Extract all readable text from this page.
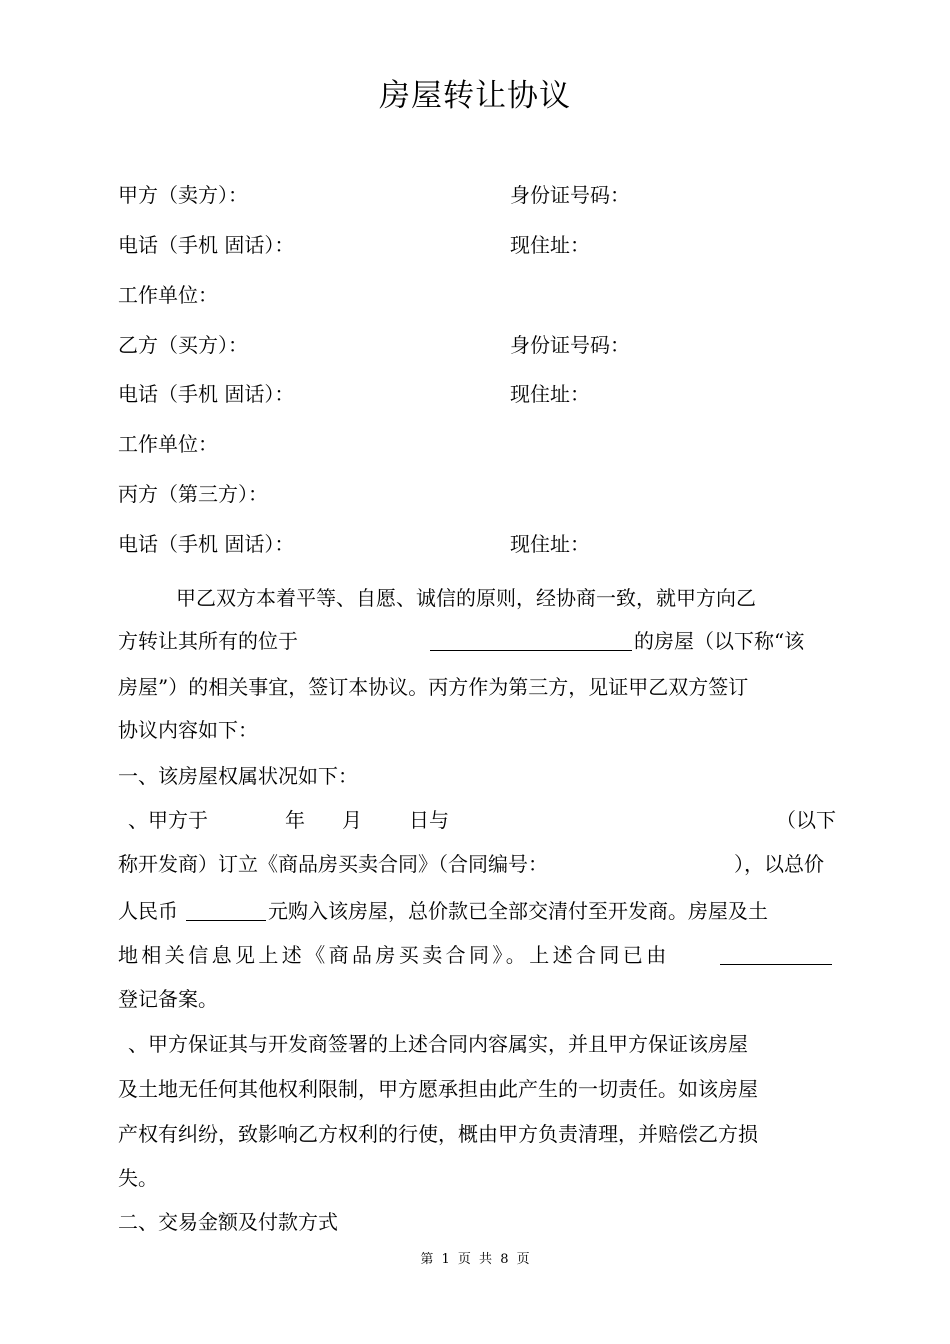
房屋转让协议
甲方（卖方）：	身份证号码：
电话（手机 固话）：	现住址：
工作单位：
乙方（买方）：	身份证号码：
电话（手机 固话）：	现住址：
工作单位：
丙方（第三方）：
电话（手机 固话）：	现住址：
甲乙双方本着平等、自愿、诚信的原则，经协商一致，就甲方向乙
方转让其所有的位于	的房屋（以下称“该
房屋”）的相关事宜，签订本协议。丙方作为第三方，见证甲乙双方签订
协议内容如下：
一、该房屋权属状况如下：
、甲方于	年 月 日与	（以下
称开发商）订立《商品房买卖合同》（合同编号：	），以总价
人民币	元购入该房屋，总价款已全部交清付至开发商。房屋及土
地相关信息见上述《商品房买卖合同》。上述合同已由
登记备案。
、甲方保证其与开发商签署的上述合同内容属实，并且甲方保证该房屋
及土地无任何其他权利限制，甲方愿承担由此产生的一切责任。如该房屋
产权有纠纷，致影响乙方权利的行使，概由甲方负责清理，并赔偿乙方损
失。
二、交易金额及付款方式
第 1 页 共 8 页
